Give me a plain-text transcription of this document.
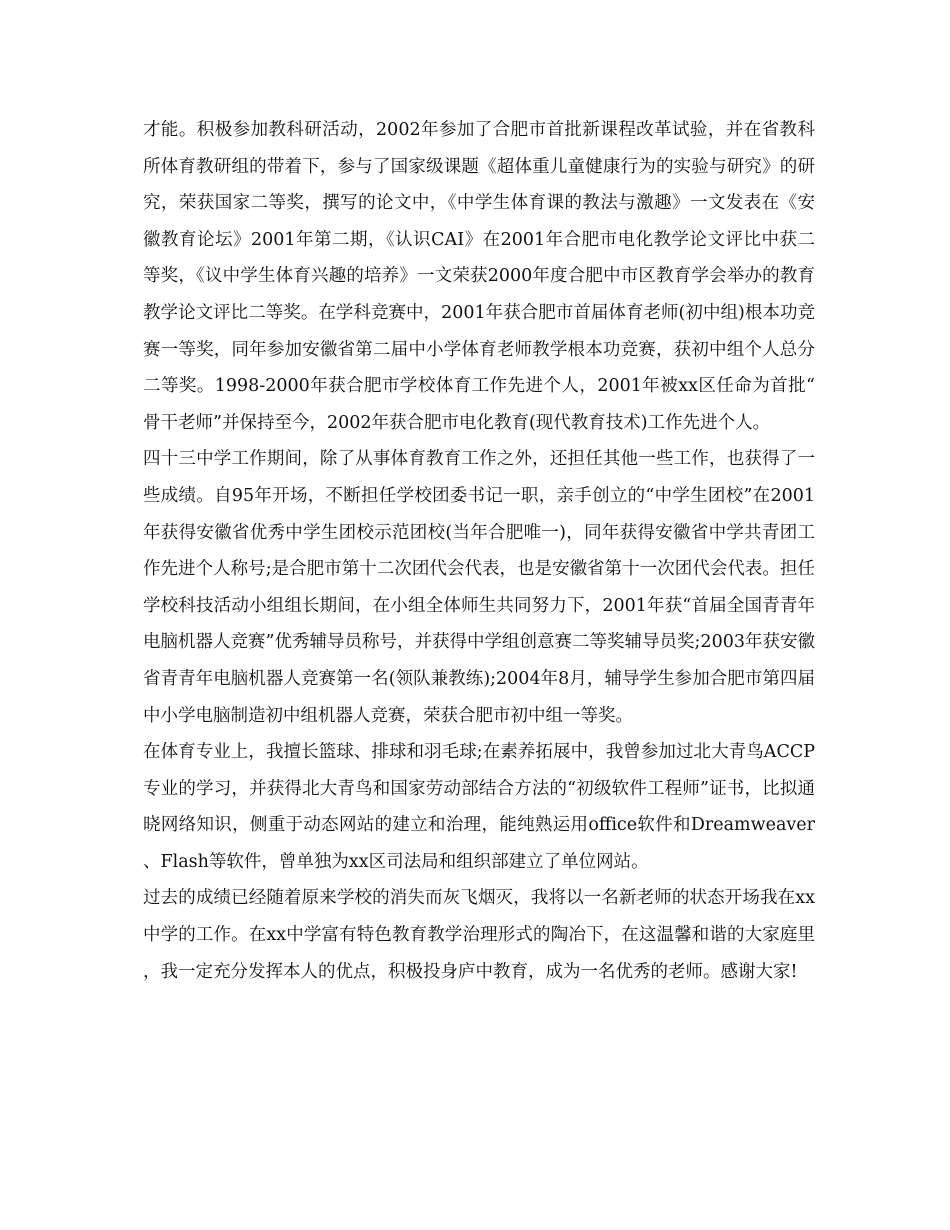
才能。积极参加教科研活动，2002年参加了合肥市首批新课程改革试验，并在省教科所体育教研组的带着下，参与了国家级课题《超体重儿童健康行为的实验与研究》的研究，荣获国家二等奖，撰写的论文中，《中学生体育课的教法与激趣》一文发表在《安徽教育论坛》2001年第二期，《认识CAI》在2001年合肥市电化教学论文评比中获二等奖，《议中学生体育兴趣的培养》一文荣获2000年度合肥中市区教育学会举办的教育教学论文评比二等奖。在学科竞赛中，2001年获合肥市首届体育老师(初中组)根本功竞赛一等奖，同年参加安徽省第二届中小学体育老师教学根本功竞赛，获初中组个人总分二等奖。1998-2000年获合肥市学校体育工作先进个人，2001年被xx区任命为首批“骨干老师”并保持至今，2002年获合肥市电化教育(现代教育技术)工作先进个人。

四十三中学工作期间，除了从事体育教育工作之外，还担任其他一些工作，也获得了一些成绩。自95年开场，不断担任学校团委书记一职，亲手创立的“中学生团校”在2001年获得安徽省优秀中学生团校示范团校(当年合肥唯一)，同年获得安徽省中学共青团工作先进个人称号;是合肥市第十二次团代会代表，也是安徽省第十一次团代会代表。担任学校科技活动小组组长期间，在小组全体师生共同努力下，2001年获“首届全国青青年电脑机器人竞赛”优秀辅导员称号，并获得中学组创意赛二等奖辅导员奖;2003年获安徽省青青年电脑机器人竞赛第一名(领队兼教练);2004年8月，辅导学生参加合肥市第四届中小学电脑制造初中组机器人竞赛，荣获合肥市初中组一等奖。

在体育专业上，我擅长篮球、排球和羽毛球;在素养拓展中，我曾参加过北大青鸟ACCP专业的学习，并获得北大青鸟和国家劳动部结合方法的“初级软件工程师”证书，比拟通晓网络知识，侧重于动态网站的建立和治理，能纯熟运用office软件和Dreamweaver、Flash等软件，曾单独为xx区司法局和组织部建立了单位网站。

过去的成绩已经随着原来学校的消失而灰飞烟灭，我将以一名新老师的状态开场我在xx中学的工作。在xx中学富有特色教育教学治理形式的陶冶下，在这温馨和谐的大家庭里，我一定充分发挥本人的优点，积极投身庐中教育，成为一名优秀的老师。感谢大家!
